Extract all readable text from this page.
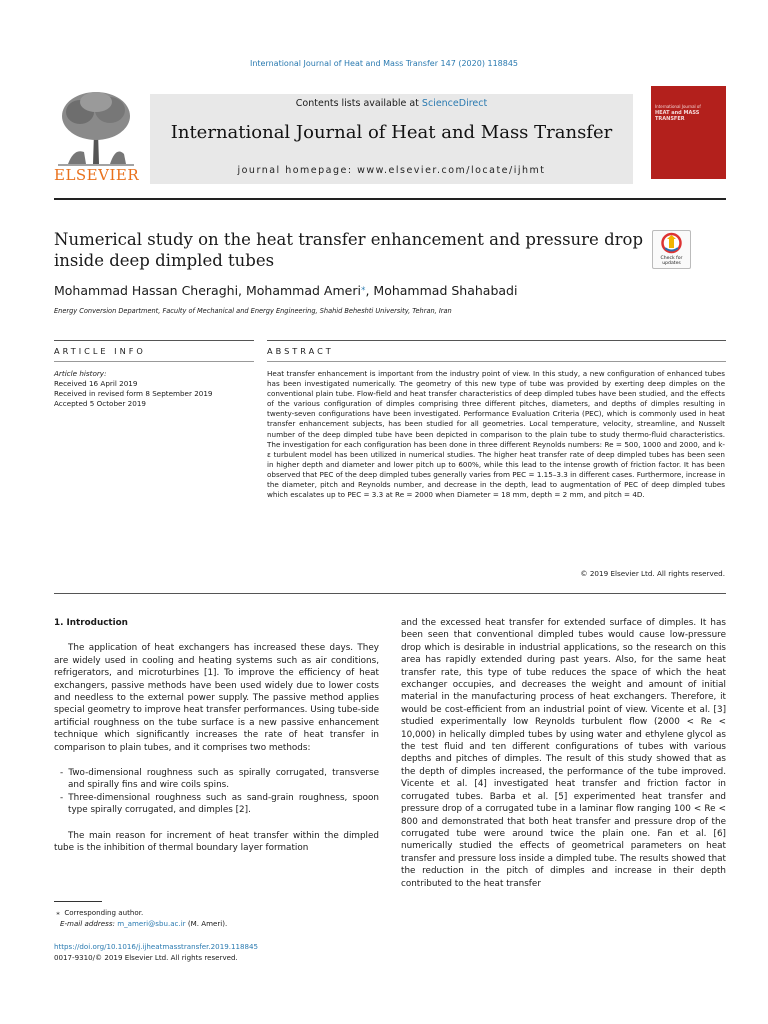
International Journal of Heat and Mass Transfer 147 (2020) 118845
ELSEVIER
Contents lists available at ScienceDirect
International Journal of Heat and Mass Transfer
journal homepage: www.elsevier.com/locate/ijhmt
International Journal of
HEAT and MASS
TRANSFER
Numerical study on the heat transfer enhancement and pressure drop inside deep dimpled tubes	Check for updates
Mohammad Hassan Cheraghi, Mohammad Ameri⁎, Mohammad Shahabadi
Energy Conversion Department, Faculty of Mechanical and Energy Engineering, Shahid Beheshti University, Tehran, Iran
ARTICLE INFO	ABSTRACT
Article history:
Received 16 April 2019
Received in revised form 8 September 2019
Accepted 5 October 2019
Heat transfer enhancement is important from the industry point of view. In this study, a new configuration of enhanced tubes has been investigated numerically. The geometry of this new type of tube was provided by exerting deep dimples on the conventional plain tube. Flow-field and heat transfer characteristics of deep dimpled tubes have been studied, and the effects of the various configuration of dimples comprising three different pitches, diameters, and depths of dimples resulting in twenty-seven configurations have been investigated. Performance Evaluation Criteria (PEC), which is commonly used in heat transfer enhancement subjects, has been studied for all geometries. Local temperature, velocity, streamline, and Nusselt number of the deep dimpled tube have been depicted in comparison to the plain tube to study thermo-fluid characteristics. The investigation for each configuration has been done in three different Reynolds numbers: Re = 500, 1000 and 2000, and k-ε turbulent model has been utilized in numerical studies. The higher heat transfer rate of deep dimpled tubes has been seen in higher depth and diameter and lower pitch up to 600%, while this lead to the intense growth of friction factor. It has been observed that PEC of the deep dimpled tubes generally varies from PEC = 1.15–3.3 in different cases. Furthermore, increase in the diameter, pitch and Reynolds number, and decrease in the depth, lead to augmentation of PEC of deep dimpled tubes which escalates up to PEC = 3.3 at Re = 2000 when Diameter = 18 mm, depth = 2 mm, and pitch = 4D.
© 2019 Elsevier Ltd. All rights reserved.
1. Introduction

The application of heat exchangers has increased these days. They are widely used in cooling and heating systems such as air conditions, refrigerators, and microturbines [1]. To improve the efficiency of heat exchangers, passive methods have been used widely due to lower costs and needless to the external power supply. The passive method applies special geometry to improve heat transfer performances. Using tube-side artificial roughness on the tube surface is a new passive enhancement technique which significantly increases the rate of heat transfer in comparison to plain tubes, and it comprises two methods:

- Two-dimensional roughness such as spirally corrugated, transverse and spirally fins and wire coils spins.
- Three-dimensional roughness such as sand-grain roughness, spoon type spirally corrugated, and dimples [2].

The main reason for increment of heat transfer within the dimpled tube is the inhibition of thermal boundary layer formation

and the excessed heat transfer for extended surface of dimples. It has been seen that conventional dimpled tubes would cause low-pressure drop which is desirable in industrial applications, so the research on this area has rapidly extended during past years. Also, for the same heat transfer rate, this type of tube reduces the space of which the heat exchanger occupies, and decreases the weight and amount of initial material in the manufacturing process of heat exchangers. Therefore, it would be cost-efficient from an industrial point of view. Vicente et al. [3] studied experimentally low Reynolds turbulent flow (2000 < Re < 10,000) in helically dimpled tubes by using water and ethylene glycol as the test fluid and ten different configurations of tubes with various depths and pitches of dimples. The result of this study showed that as the depth of dimples increased, the performance of the tube improved. Vicente et al. [4] investigated heat transfer and friction factor in corrugated tubes. Barba et al. [5] experimented heat transfer and pressure drop of a corrugated tube in a laminar flow ranging 100 < Re < 800 and demonstrated that both heat transfer and pressure drop of the corrugated tube were around twice the plain one. Fan et al. [6] numerically studied the effects of geometrical parameters on heat transfer and pressure loss inside a dimpled tube. The results showed that the reduction in the pitch of dimples and increase in their depth contributed to the heat transfer

⁎ Corresponding author.
E-mail address: m_ameri@sbu.ac.ir (M. Ameri).
https://doi.org/10.1016/j.ijheatmasstransfer.2019.118845
0017-9310/© 2019 Elsevier Ltd. All rights reserved.
